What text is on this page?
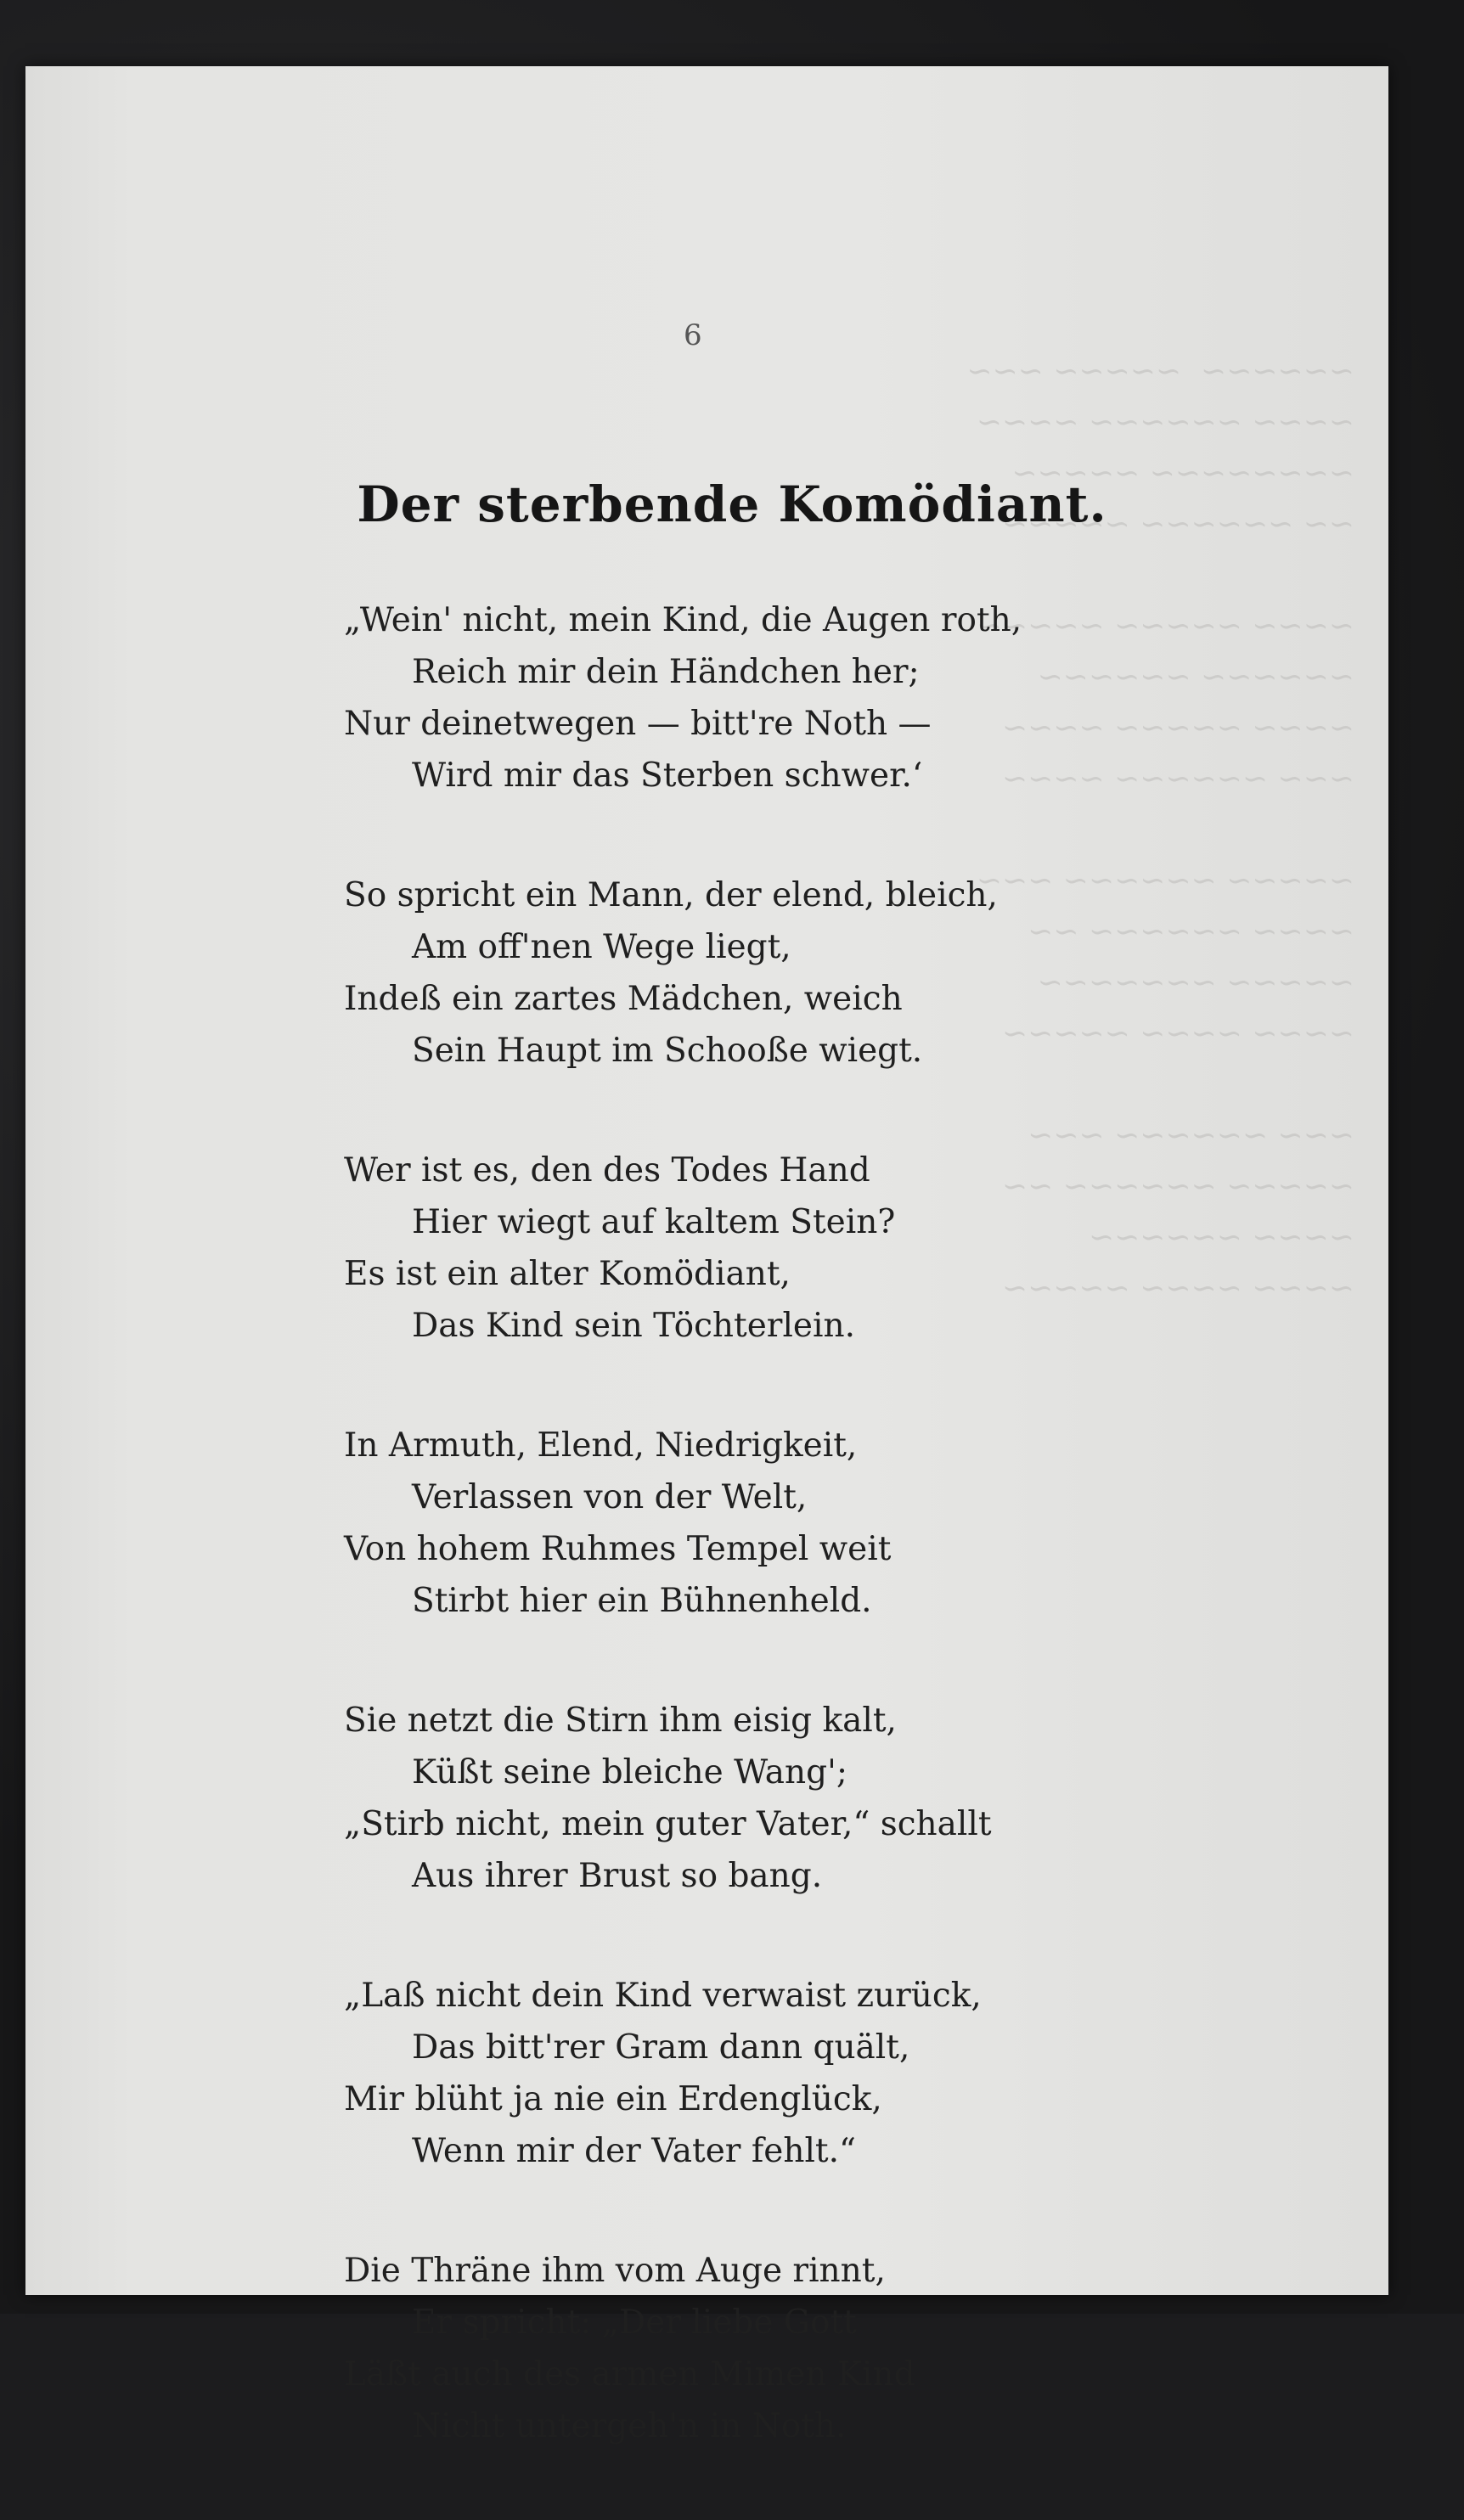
~~~~~~  ~~~~~ ~~~
~~~~ ~~~~~~ ~~~~
~~~~~~~~ ~~~~~
~~ ~~~~~~ ~~~~~

~~~~ ~~~~~ ~~~~~
~~~~~~ ~~~~~~
~~~~ ~~~~~ ~~~~
~~~ ~~~~~~ ~~~~

~~~~~ ~~~~~~ ~~~
~~~~ ~~~~~~ ~~
~~~~~ ~~~~~~~
~~~~ ~~~~ ~~~~~

~~~ ~~~~~~ ~~~
~~~~~ ~~~~~~ ~~
~~~~ ~~~~~~
~~~~ ~~~~ ~~~~~
6
Der sterbende Komödiant.
„Wein' nicht, mein Kind, die Augen roth,
Reich mir dein Händchen her;
Nur deinetwegen — bitt're Noth —
Wird mir das Sterben schwer.‘
So spricht ein Mann, der elend, bleich,
Am off'nen Wege liegt,
Indeß ein zartes Mädchen, weich
Sein Haupt im Schooße wiegt.
Wer ist es, den des Todes Hand
Hier wiegt auf kaltem Stein?
Es ist ein alter Komödiant,
Das Kind sein Töchterlein.
In Armuth, Elend, Niedrigkeit,
Verlassen von der Welt,
Von hohem Ruhmes Tempel weit
Stirbt hier ein Bühnenheld.
Sie netzt die Stirn ihm eisig kalt,
Küßt seine bleiche Wang';
„Stirb nicht, mein guter Vater,“ schallt
Aus ihrer Brust so bang.
„Laß nicht dein Kind verwaist zurück,
Das bitt'rer Gram dann quält,
Mir blüht ja nie ein Erdenglück,
Wenn mir der Vater fehlt.“
Die Thräne ihm vom Auge rinnt,
Er spricht: „Der liebe Gott
Läßt auch des armen Mimen Kind
Nicht untergeh'n in Noth.
